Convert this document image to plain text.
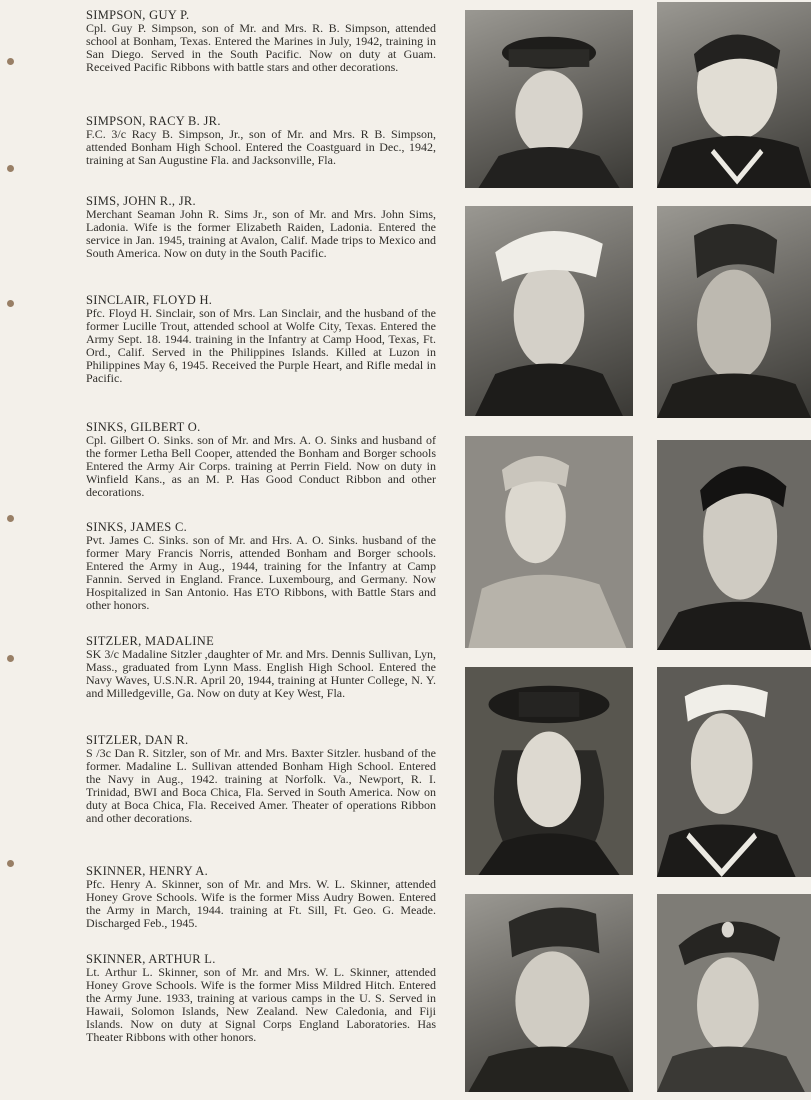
SIMPSON, GUY P.

Cpl. Guy P. Simpson, son of Mr. and Mrs. R. B. Simpson, attended school at Bonham, Texas. Entered the Marines in July, 1942, training in San Diego. Served in the South Pacific. Now on duty at Guam. Received Pacific Ribbons with battle stars and other decorations.

SIMPSON, RACY B. JR.

F.C. 3/c Racy B. Simpson, Jr., son of Mr. and Mrs. R B. Simpson, attended Bonham High School. Entered the Coastguard in Dec., 1942, training at San Augustine Fla. and Jacksonville, Fla.

SIMS, JOHN R., JR.

Merchant Seaman John R. Sims Jr., son of Mr. and Mrs. John Sims, Ladonia. Wife is the former Elizabeth Raiden, Ladonia. Entered the service in Jan. 1945, training at Avalon, Calif. Made trips to Mexico and South America. Now on duty in the South Pacific.

SINCLAIR, FLOYD H.

Pfc. Floyd H. Sinclair, son of Mrs. Lan Sinclair, and the husband of the former Lucille Trout, attended school at Wolfe City, Texas. Entered the Army Sept. 18. 1944. training in the Infantry at Camp Hood, Texas, Ft. Ord., Calif. Served in the Philippines Islands. Killed at Luzon in Philippines May 6, 1945. Received the Purple Heart, and Rifle medal in Pacific.

SINKS, GILBERT O.

Cpl. Gilbert O. Sinks. son of Mr. and Mrs. A. O. Sinks and husband of the former Letha Bell Cooper, attended the Bonham and Borger schools Entered the Army Air Corps. training at Perrin Field. Now on duty in Winfield Kans., as an M. P. Has Good Conduct Ribbon and other decorations.

SINKS, JAMES C.

Pvt. James C. Sinks. son of Mr. and Hrs. A. O. Sinks. husband of the former Mary Francis Norris, attended Bonham and Borger schools. Entered the Army in Aug., 1944, training for the Infantry at Camp Fannin. Served in England. France. Luxembourg, and Germany. Now Hospitalized in San Antonio. Has ETO Ribbons, with Battle Stars and other honors.

SITZLER, MADALINE

SK 3/c Madaline Sitzler ,daughter of Mr. and Mrs. Dennis Sullivan, Lyn, Mass., graduated from Lynn Mass. English High School. Entered the Navy Waves, U.S.N.R. April 20, 1944, training at Hunter College, N. Y. and Milledgeville, Ga. Now on duty at Key West, Fla.

SITZLER, DAN R.

S /3c Dan R. Sitzler, son of Mr. and Mrs. Baxter Sitzler. husband of the former. Madaline L. Sullivan attended Bonham High School. Entered the Navy in Aug., 1942. training at Norfolk. Va., Newport, R. I. Trinidad, BWI and Boca Chica, Fla. Served in South America. Now on duty at Boca Chica, Fla. Received Amer. Theater of operations Ribbon and other decorations.

SKINNER, HENRY A.

Pfc. Henry A. Skinner, son of Mr. and Mrs. W. L. Skinner, attended Honey Grove Schools. Wife is the former Miss Audry Bowen. Entered the Army in March, 1944. training at Ft. Sill, Ft. Geo. G. Meade. Discharged Feb., 1945.

SKINNER, ARTHUR L.

Lt. Arthur L. Skinner, son of Mr. and Mrs. W. L. Skinner, attended Honey Grove Schools. Wife is the former Miss Mildred Hitch. Entered the Army June. 1933, training at various camps in the U. S. Served in Hawaii, Solomon Islands, New Zealand. New Caledonia, and Fiji Islands. Now on duty at Signal Corps England Laboratories. Has Theater Ribbons with other honors.
